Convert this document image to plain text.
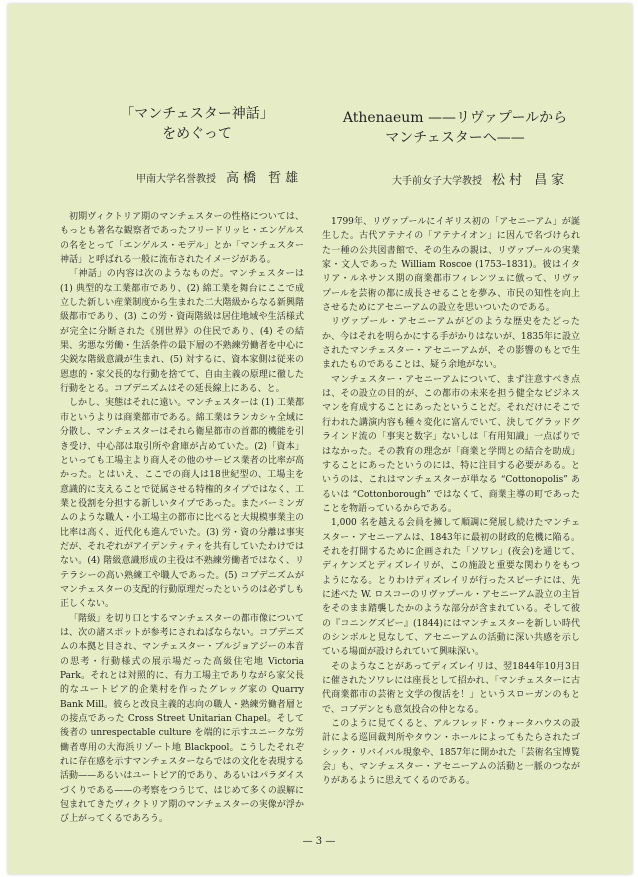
「マンチェスター神話」
をめぐって
Athenaeum ——リヴァプールから
マンチェスターへ——
甲南大学名誉教授 高橋 哲雄	大手前女子大学教授 松村 昌家

初期ヴィクトリア期のマンチェスターの性格については、もっとも著名な観察者であったフリードリッヒ・エンゲルスの名をとって「エンゲルス・モデル」とか「マンチェスター神話」と呼ばれる一般に流布されたイメージがある。

「神話」の内容は次のようなものだ。マンチェスターは(1) 典型的な工業都市であり、(2) 綿工業を舞台にここで成立した新しい産業制度から生まれた二大階級からなる新興階級都市であり、(3) この労・資両階級は居住地域や生活様式が完全に分断された《別世界》の住民であり、(4) その結果、劣悪な労働・生活条件の最下層の不熟練労働者を中心に尖鋭な階級意識が生まれ、(5) 対するに、資本家側は従来の恩恵的・家父長的な行動を捨てて、自由主義の原理に徹した行動をとる。コブデニズムはその延長線上にある、と。

しかし、実態はそれに遠い。マンチェスターは (1) 工業都市というよりは商業都市である。綿工業はランカシャ全域に分散し、マンチェスターはそれら衛星都市の首都的機能を引き受け、中心部は取引所や倉庫が占めていた。(2)「資本」といっても工場主より商人その他のサービス業者の比率が高かった。とはいえ、ここでの商人は18世紀型の、工場主を意識的に支えることで従属させる特権的タイプではなく、工業と役割を分担する新しいタイプであった。またバーミンガムのような職人・小工場主の都市に比べると大規模事業主の比率は高く、近代化も進んでいた。(3) 労・資の分離は事実だが、それぞれがアイデンティティを共有していたわけではない。(4) 階級意識形成の主役は不熟練労働者ではなく、リテラシーの高い熟練工や職人であった。(5) コブデニズムがマンチェスターの支配的行動原理だったというのは必ずしも正しくない。

「階級」を切り口とするマンチェスターの都市像については、次の諸スポットが参考にされねばならない。コブデニズムの本拠と目され、マンチェスター・ブルジョアジーの本音の思考・行動様式の展示場だった高級住宅地 Victoria Park。それとは対照的に、有力工場主でありながら家父長的なユートピア的企業村を作ったグレッグ家の Quarry Bank Mill。彼らと改良主義的志向の職人・熟練労働者層との接点であった Cross Street Unitarian Chapel。そして後者の unrespectable culture を端的に示すユニークな労働者専用の大海浜リゾート地 Blackpool。こうしたそれぞれに存在感を示すマンチェスターならではの文化を表現する活動——あるいはユートピア的であり、あるいはパラダイスづくりである——の考察をつうじて、はじめて多くの誤解に包まれてきたヴィクトリア期のマンチェスターの実像が浮かび上がってくるであろう。

1799年、リヴァプールにイギリス初の「アセニーアム」が誕生した。古代アテナイの「アテナイオン」に因んで名づけられた一種の公共図書館で、その生みの親は、リヴァプールの実業家・文人であった William Roscoe (1753–1831)。彼はイタリア・ルネサンス期の商業都市フィレンツェに倣って、リヴァプールを芸術の都に成長させることを夢み、市民の知性を向上させるためにアセニーアムの設立を思いついたのである。

リヴァプール・アセニーアムがどのような歴史をたどったか、今はそれを明らかにする手がかりはないが、1835年に設立されたマンチェスター・アセニーアムが、その影響のもとで生まれたものであることは、疑う余地がない。

マンチェスター・アセニーアムについて、まず注意すべき点は、その設立の目的が、この都市の未来を担う健全なビジネスマンを育成することにあったということだ。それだけにそこで行われた講演内容も種々変化に富んでいて、決してグラッドグラインド流の「事実と数字」ないしは「有用知識」一点ばりではなかった。その教育の理念が「商業と学問との結合を助成」することにあったというのには、特に注目する必要がある。というのは、これはマンチェスターが単なる “Cottonopolis” あるいは “Cottonborough” ではなくて、商業主導の町であったことを物語っているからである。

1,000 名を越える会員を擁して順調に発展し続けたマンチェスター・アセニーアムは、1843年に最初の財政的危機に陥る。それを打開するために企画された「ソワレ」(夜会)を通じて、ディケンズとディズレイリが、この施設と重要な関わりをもつようになる。とりわけディズレイリが行ったスピーチには、先に述べた W. ロスコーのリヴァプール・アセニーアム設立の主旨をそのまま踏襲したかのような部分が含まれている。そして彼の『コニングズビー』(1844)にはマンチェスターを新しい時代のシンボルと見なして、アセニーアムの活動に深い共感を示している場面が設けられていて興味深い。

そのようなことがあってディズレイリは、翌1844年10月3日に催されたソワレには座長として招かれ、「マンチェスターに古代商業都市の芸術と文学の復活を！」というスローガンのもとで、コブデンとも意気投合の仲となる。

このように見てくると、アルフレッド・ウォータハウスの設計による巡回裁判所やタウン・ホールによってもたらされたゴシック・リバイバル現象や、1857年に開かれた「芸術名宝博覧会」も、マンチェスター・アセニーアムの活動と一脈のつながりがあるように思えてくるのである。

— 3 —
